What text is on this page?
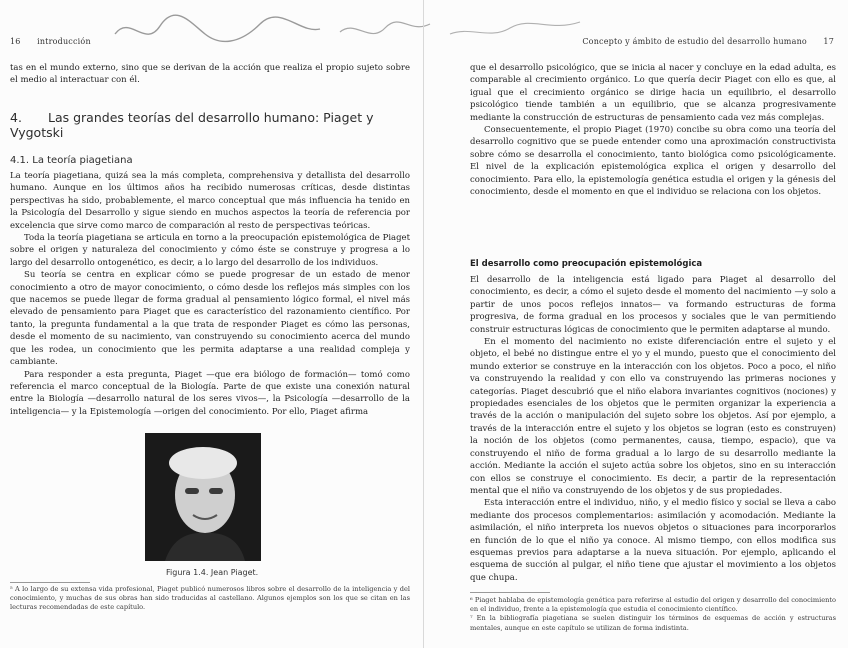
16 introducción

tas en el mundo externo, sino que se derivan de la acción que realiza el propio sujeto sobre el medio al interactuar con él.

4. Las grandes teorías del desarrollo humano: Piaget y Vygotski
4.1. La teoría piagetiana

La teoría piagetiana, quizá sea la más completa, comprehensiva y detallista del desarrollo humano. Aunque en los últimos años ha recibido numerosas críticas, desde distintas perspectivas ha sido, probablemente, el marco conceptual que más influencia ha tenido en la Psicología del Desarrollo y sigue siendo en muchos aspectos la teoría de referencia por excelencia que sirve como marco de comparación al resto de perspectivas teóricas.

Toda la teoría piagetiana se articula en torno a la preocupación epistemológica de Piaget sobre el origen y naturaleza del conocimiento y cómo éste se construye y progresa a lo largo del desarrollo ontogenético, es decir, a lo largo del desarrollo de los individuos.

Su teoría se centra en explicar cómo se puede progresar de un estado de menor conocimiento a otro de mayor conocimiento, o cómo desde los reflejos más simples con los que nacemos se puede llegar de forma gradual al pensamiento lógico formal, el nivel más elevado de pensamiento para Piaget que es característico del razonamiento científico. Por tanto, la pregunta fundamental a la que trata de responder Piaget es cómo las personas, desde el momento de su nacimiento, van construyendo su conocimiento acerca del mundo que les rodea, un conocimiento que les permita adaptarse a una realidad compleja y cambiante.

Para responder a esta pregunta, Piaget —que era biólogo de formación— tomó como referencia el marco conceptual de la Biología. Parte de que existe una conexión natural entre la Biología —desarrollo natural de los seres vivos—, la Psicología —desarrollo de la inteligencia— y la Epistemología —origen del conocimiento. Por ello, Piaget afirma

Figura 1.4. Jean Piaget.
⁵ A lo largo de su extensa vida profesional, Piaget publicó numerosos libros sobre el desarrollo de la inteligencia y del conocimiento, y muchas de sus obras han sido traducidas al castellano. Algunos ejemplos son los que se citan en las lecturas recomendadas de este capítulo.
Concepto y ámbito de estudio del desarrollo humano 17

que el desarrollo psicológico, que se inicia al nacer y concluye en la edad adulta, es comparable al crecimiento orgánico. Lo que quería decir Piaget con ello es que, al igual que el crecimiento orgánico se dirige hacia un equilibrio, el desarrollo psicológico tiende también a un equilibrio, que se alcanza progresivamente mediante la construcción de estructuras de pensamiento cada vez más complejas.

Consecuentemente, el propio Piaget (1970) concibe su obra como una teoría del desarrollo cognitivo que se puede entender como una aproximación constructivista sobre cómo se desarrolla el conocimiento, tanto biológica como psicológicamente. El nivel de la explicación epistemológica explica el origen y desarrollo del conocimiento. Para ello, la epistemología genética estudia el origen y la génesis del conocimiento, desde el momento en que el individuo se relaciona con los objetos.

El desarrollo como preocupación epistemológica

El desarrollo de la inteligencia está ligado para Piaget al desarrollo del conocimiento, es decir, a cómo el sujeto desde el momento del nacimiento —y solo a partir de unos pocos reflejos innatos— va formando estructuras de forma progresiva, de forma gradual en los procesos y sociales que le van permitiendo construir estructuras lógicas de conocimiento que le permiten adaptarse al mundo.

En el momento del nacimiento no existe diferenciación entre el sujeto y el objeto, el bebé no distingue entre el yo y el mundo, puesto que el conocimiento del mundo exterior se construye en la interacción con los objetos. Poco a poco, el niño va construyendo la realidad y con ello va construyendo las primeras nociones y categorías. Piaget descubrió que el niño elabora invariantes cognitivos (nociones) y propiedades esenciales de los objetos que le permiten organizar la experiencia a través de la acción o manipulación del sujeto sobre los objetos. Así por ejemplo, a través de la interacción entre el sujeto y los objetos se logran (esto es construyen) la noción de los objetos (como permanentes, causa, tiempo, espacio), que va construyendo el niño de forma gradual a lo largo de su desarrollo mediante la acción. Mediante la acción el sujeto actúa sobre los objetos, sino en su interacción con ellos se construye el conocimiento. Es decir, a partir de la representación mental que el niño va construyendo de los objetos y de sus propiedades.

Esta interacción entre el individuo, niño, y el medio físico y social se lleva a cabo mediante dos procesos complementarios: asimilación y acomodación. Mediante la asimilación, el niño interpreta los nuevos objetos o situaciones para incorporarlos en función de lo que el niño ya conoce. Al mismo tiempo, con ellos modifica sus esquemas previos para adaptarse a la nueva situación. Por ejemplo, aplicando el esquema de succión al pulgar, el niño tiene que ajustar el movimiento a los objetos que chupa.

⁶ Piaget hablaba de epistemología genética para referirse al estudio del origen y desarrollo del conocimiento en el individuo, frente a la epistemología que estudia el conocimiento científico.
⁷ En la bibliografía piagetiana se suelen distinguir los términos de esquemas de acción y estructuras mentales, aunque en este capítulo se utilizan de forma indistinta.
